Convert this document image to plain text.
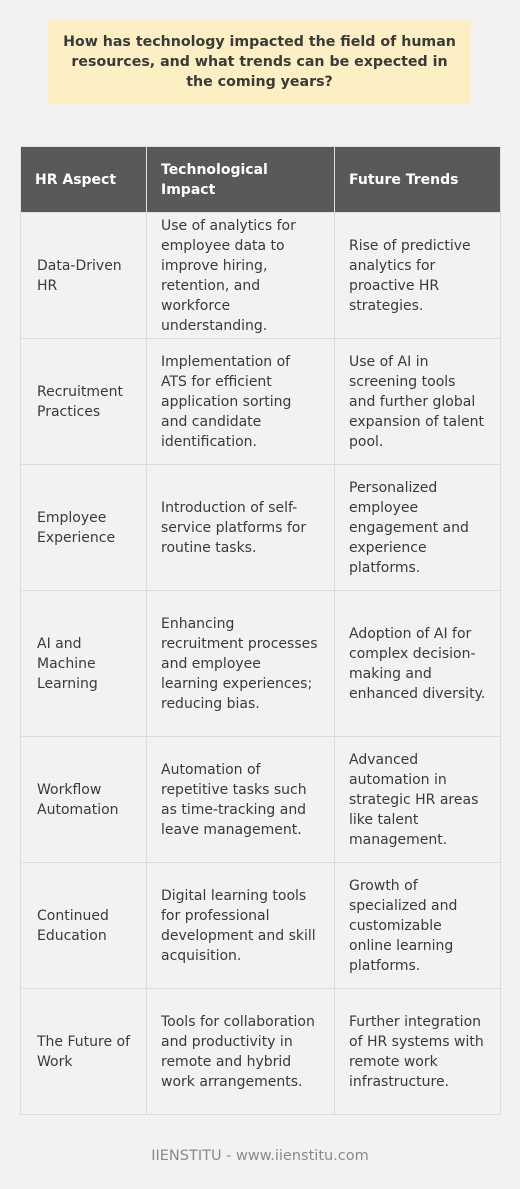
How has technology impacted the field of human resources, and what trends can be expected in the coming years?
HR Aspect	Technological Impact	Future Trends
Data-Driven HR	Use of analytics for employee data to improve hiring, retention, and workforce understanding.	Rise of predictive analytics for proactive HR strategies.
Recruitment Practices	Implementation of ATS for efficient application sorting and candidate identification.	Use of AI in screening tools and further global expansion of talent pool.
Employee Experience	Introduction of self-service platforms for routine tasks.	Personalized employee engagement and experience platforms.
AI and Machine Learning	Enhancing recruitment processes and employee learning experiences; reducing bias.	Adoption of AI for complex decision-making and enhanced diversity.
Workflow Automation	Automation of repetitive tasks such as time-tracking and leave management.	Advanced automation in strategic HR areas like talent management.
Continued Education	Digital learning tools for professional development and skill acquisition.	Growth of specialized and customizable online learning platforms.
The Future of Work	Tools for collaboration and productivity in remote and hybrid work arrangements.	Further integration of HR systems with remote work infrastructure.
IIENSTITU - www.iienstitu.com
